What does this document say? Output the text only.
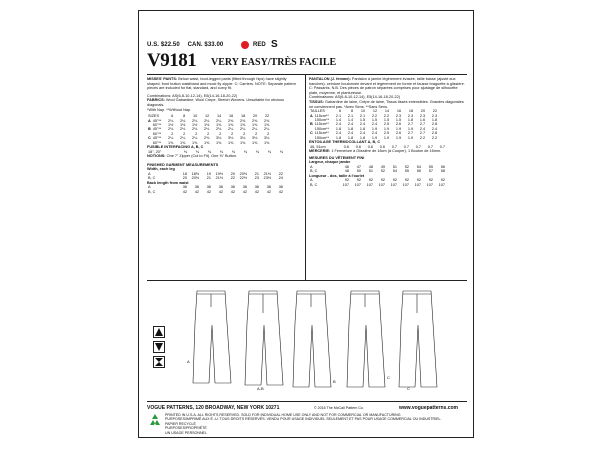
U.S. $22.50 CAN. $33.00	RED S
V9181 VERY EASY/TRÈS FACILE
MISSES' PANTS: Below waist, boot-legged pants (fitted through hips) have slightly shaped, front button waistband and mock fly zipper. C: Carriers. NOTE: Separate pattern pieces are included for flat, standard, and curvy fit.
Combinations: AS(6-8-10-12-14), E5(14-16-18-20-22)
FABRICS: Wool Gabardine, Wool Crepe, Stretch Wovens. Unsuitable for obvious diagonals.
*With Nap. **Without Nap.
SIZES		6	8	10	12	14	16	18	20	22
A	45"**	2⅛	2⅛	2⅛	2⅛	2¼	2⅜	2⅜	2⅜	2⅜
	60"**	1½	1½	1½	1½	1⅝	1⅝	1⅝	1⅝	1⅝
B	45"**	2⅛	2⅛	2⅛	2⅛	2⅛	2¼	2¼	2¼	2¼
	60"**	2	2	2	2	2	2	2	2	2
C	45"**	2¼	2¼	2¼	2⅜	3⅛	3⅛	3⅛	3⅛	3⅛
	60"**	1⅝	1⅝	1⅝	1⅝	1⅝	1⅝	1⅝	1⅝	1⅝
FUSIBLE INTERFACING A, B, C
18", 20"	⅜	⅜	⅜	⅜	⅜	⅜	⅜	⅜	⅜
NOTIONS: One 7" Zipper (Cut to Fit). One ⅝" Button.
FINISHED GARMENT MEASUREMENTS
Width, each leg
A	18	18½	19	19½	20	20½	21	21½	22
B, C	20	20½	21	21½	22	22½	23	23½	24
Back length from waist
A	36	36	36	36	36	36	36	36	36
B, C	42	42	42	42	42	42	42	42	42
PANTALON (J. femme): Pantalon à jambe légèrement évasée, taille basse (ajusté aux hanches), ceinture boutonnée devant et légèrement en forme et fausse braguette à glissière. C: Passants. N.B. Des pièces de patron séparées comprises pour ajustage de silhouette plate, moyenne, et plantureuse.
Combinaisons: AS(6-8-10-12-14), E5(14-16-18-20-22)
TISSUS: Gabardine de laine, Crêpe de laine, Tissus tissés extensibles. Grandes diagonales ne conviennent pas. *Avec Sens. **Sans Sens.
TAILLES		6	8	10	12	14	16	18	20	22
A	115cm**	2.1	2.1	2.1	2.2	2.2	2.3	2.3	2.3	2.3
	150cm**	1.4	1.4	1.5	1.5	1.5	1.5	1.8	1.6	1.8
B	115cm**	2.4	2.4	2.4	2.4	2.5	2.6	2.7	2.7	2.8
	150cm**	1.8	1.8	1.8	1.9	1.9	1.9	1.9	2.4	2.4
C	115cm**	2.4	2.4	2.4	2.4	2.5	2.6	2.7	2.7	2.8
	150cm**	1.8	1.8	1.8	1.9	1.9	1.9	1.9	2.2	2.2
ENTOILAGE THERMOCOLLANT A, B, C
46, 51cm	0.6	0.6	0.6	0.6	0.7	0.7	0.7	0.7	0.7
MERCERIE: 1 Fermeture à Glissière de 18cm (à Couper). 1 Bouton de 16mm.
MESURES DU VÊTEMENT FINI
Largeur, chaque jambe
A	46	47	48	49	51	52	54	55	56
B, C	48	50	51	52	54	55	56	57	58
Longueur - dos, taille à l'ourlet
A	92	92	92	92	92	92	92	92	92
B, C	107	107	107	107	107	107	107	107	107
A
A-B
B
C
C
VOGUE PATTERNS, 120 BROADWAY, NEW YORK 10271	www.voguepatterns.com
© 2016 The McCall Pattern Co.
PRINTED IN U.S.A. ALL RIGHTS RESERVED. SOLD FOR INDIVIDUAL HOME USE ONLY AND NOT FOR COMMERCIAL OR MANUFACTURING
PURPOSES/IMPRIMÉ AUX É.-U. TOUS DROITS RÉSERVÉS. VENDU POUR USAGE INDIVIDUEL SEULEMENT ET PAS POUR USAGE COMMERCIAL OU INDUSTRIEL.
PAPIER RECYCLÉ
PURPOSES/PROPRIÉTÉ
UN USAGE PERSONNEL
